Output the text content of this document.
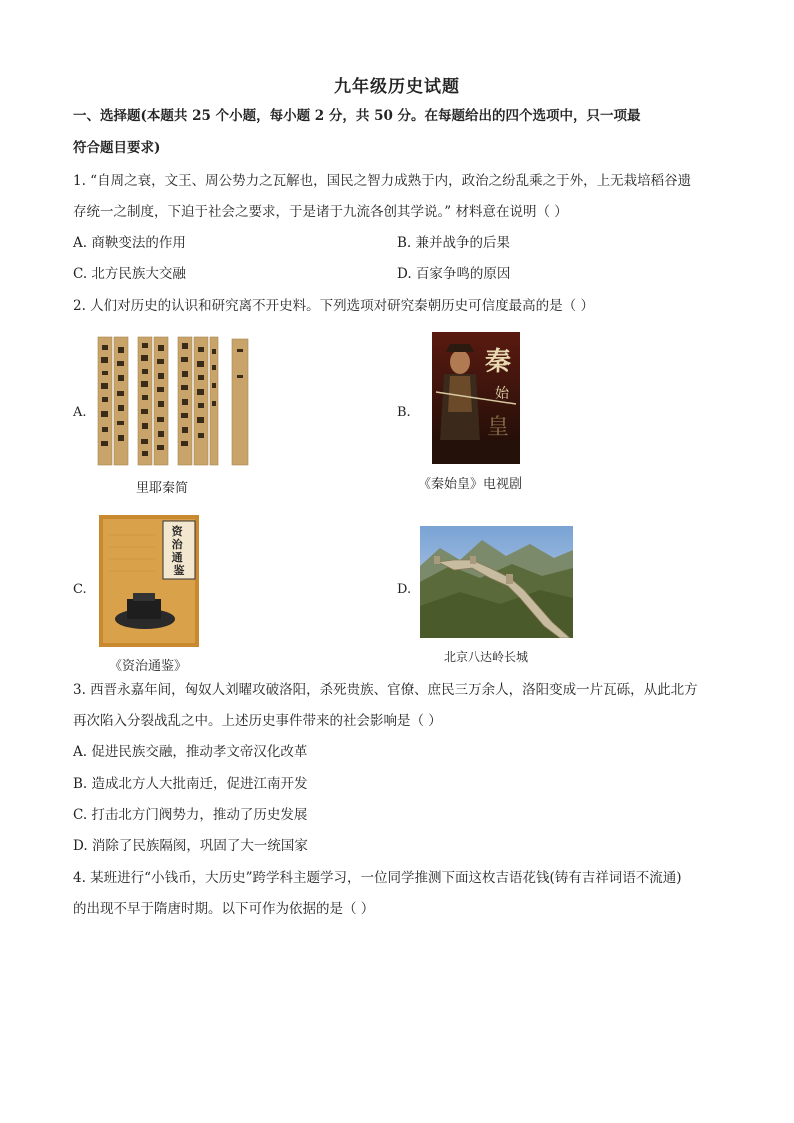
九年级历史试题
一、选择题(本题共 25 个小题，每小题 2 分，共 50 分。在每题给出的四个选项中，只一项最
符合题目要求)
1. “自周之衰，文王、周公势力之瓦解也，国民之智力成熟于内，政治之纷乱乘之于外，上无栽培稻谷遗
存统一之制度，下迫于社会之要求，于是诸于九流各创其学说。” 材料意在说明（ ）
A. 商鞅变法的作用	B. 兼并战争的后果
C. 北方民族大交融	D. 百家争鸣的原因
2. 人们对历史的认识和研究离不开史料。下列选项对研究秦朝历史可信度最高的是（ ）
A.
里耶秦简
B.
秦
始
皇
《秦始皇》电视剧
C.
资 治 通 鉴
《资治通鉴》
D.
北京八达岭长城
3. 西晋永嘉年间，匈奴人刘曜攻破洛阳，杀死贵族、官僚、庶民三万余人，洛阳变成一片瓦砾，从此北方
再次陷入分裂战乱之中。上述历史事件带来的社会影响是（ ）
A. 促进民族交融，推动孝文帝汉化改革
B. 造成北方人大批南迁，促进江南开发
C. 打击北方门阀势力，推动了历史发展
D. 消除了民族隔阂，巩固了大一统国家
4. 某班进行“小钱币，大历史”跨学科主题学习，一位同学推测下面这枚吉语花钱(铸有吉祥词语不流通)
的出现不早于隋唐时期。以下可作为依据的是（ ）
